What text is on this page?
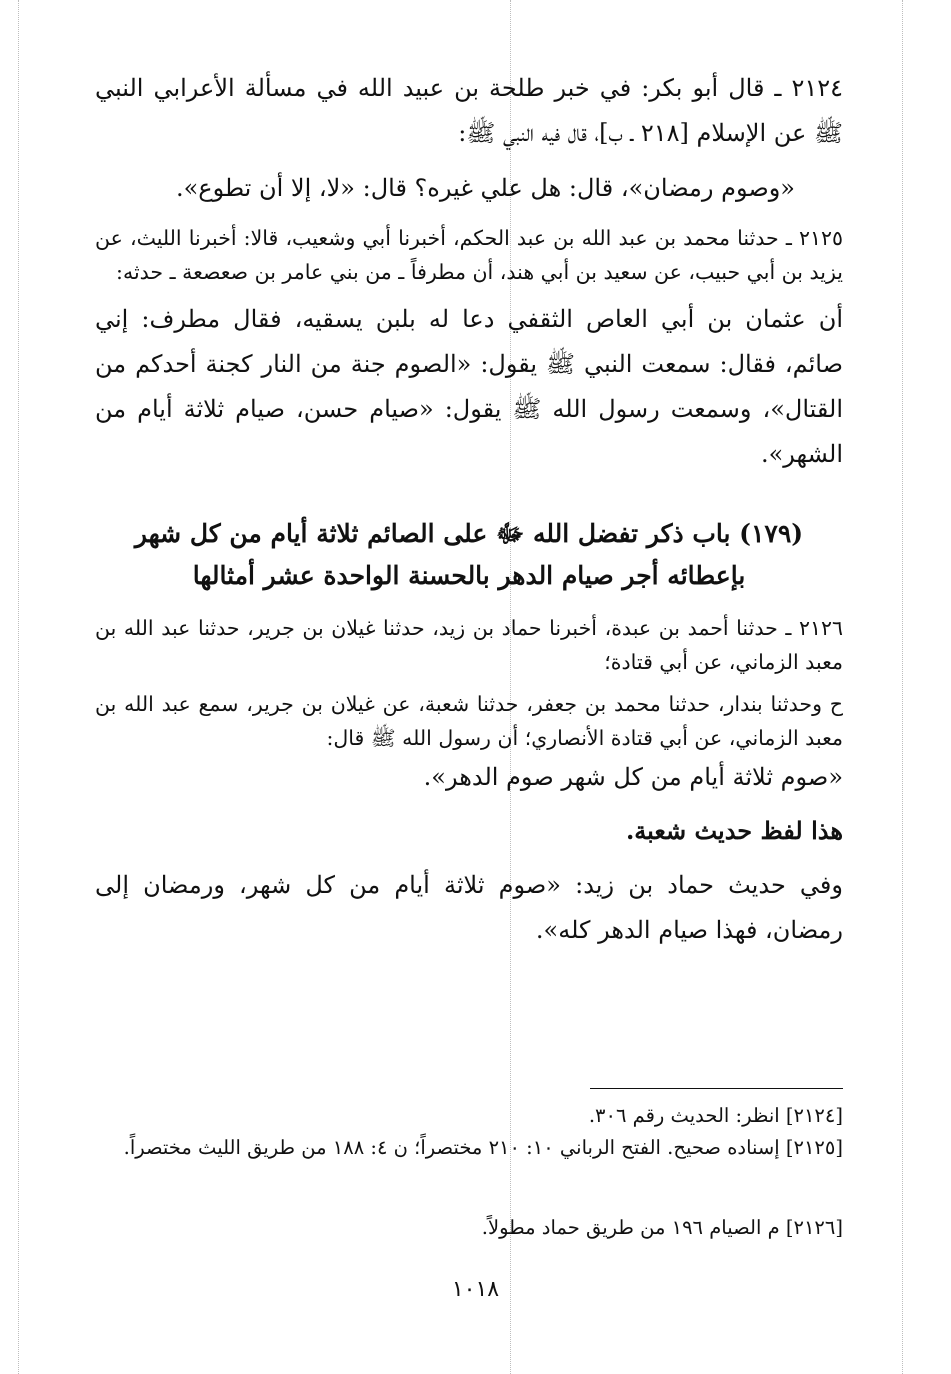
٢١٢٤ ـ قال أبو بكر: في خبر طلحة بن عبيد الله في مسألة الأعرابي النبي ﷺ عن الإسلام [٢١٨ ـ ب]، قال فيه النبي ﷺ:

«وصوم رمضان»، قال: هل علي غيره؟ قال: «لا، إلا أن تطوع».

٢١٢٥ ـ حدثنا محمد بن عبد الله بن عبد الحكم، أخبرنا أبي وشعيب، قالا: أخبرنا الليث، عن يزيد بن أبي حبيب، عن سعيد بن أبي هند، أن مطرفاً ـ من بني عامر بن صعصعة ـ حدثه:

أن عثمان بن أبي العاص الثقفي دعا له بلبن يسقيه، فقال مطرف: إني صائم، فقال: سمعت النبي ﷺ يقول: «الصوم جنة من النار كجنة أحدكم من القتال»، وسمعت رسول الله ﷺ يقول: «صيام حسن، صيام ثلاثة أيام من الشهر».

(١٧٩) باب ذكر تفضل الله ﷻ على الصائم ثلاثة أيام من كل شهر بإعطائه أجر صيام الدهر بالحسنة الواحدة عشر أمثالها

٢١٢٦ ـ حدثنا أحمد بن عبدة، أخبرنا حماد بن زيد، حدثنا غيلان بن جرير، حدثنا عبد الله بن معبد الزماني، عن أبي قتادة؛

ح وحدثنا بندار، حدثنا محمد بن جعفر، حدثنا شعبة، عن غيلان بن جرير، سمع عبد الله بن معبد الزماني، عن أبي قتادة الأنصاري؛ أن رسول الله ﷺ قال:

«صوم ثلاثة أيام من كل شهر صوم الدهر».

هذا لفظ حديث شعبة.

وفي حديث حماد بن زيد: «صوم ثلاثة أيام من كل شهر، ورمضان إلى رمضان، فهذا صيام الدهر كله».

[٢١٢٤] انظر: الحديث رقم ٣٠٦.

[٢١٢٥] إسناده صحيح. الفتح الرباني ١٠: ٢١٠ مختصراً؛ ن ٤: ١٨٨ من طريق الليث مختصراً.

[٢١٢٦] م الصيام ١٩٦ من طريق حماد مطولاً.

١٠١٨
